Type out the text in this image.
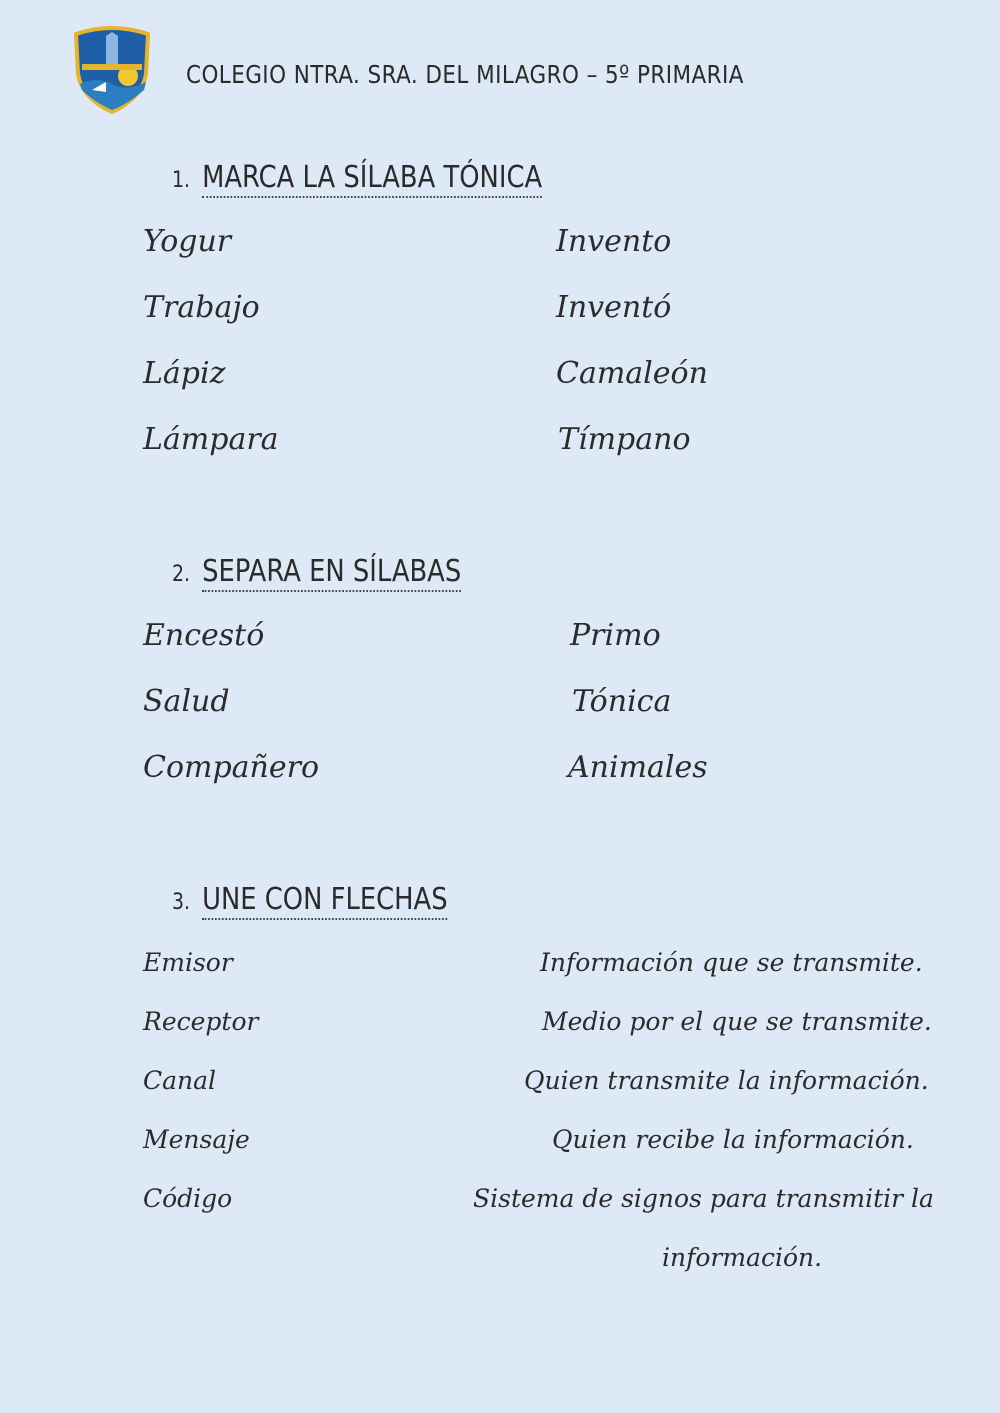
COLEGIO NTRA. SRA. DEL MILAGRO – 5º PRIMARIA
1. MARCA LA SÍLABA TÓNICA
Yogur
Trabajo
Lápiz
Lámpara
Invento
Inventó
Camaleón
Tímpano
2. SEPARA EN SÍLABAS
Encestó
Salud
Compañero
Primo
Tónica
Animales
3. UNE CON FLECHAS
Emisor
Receptor
Canal
Mensaje
Código
Información que se transmite.
Medio por el que se transmite.
Quien transmite la información.
Quien recibe la información.
Sistema de signos para transmitir la
información.
